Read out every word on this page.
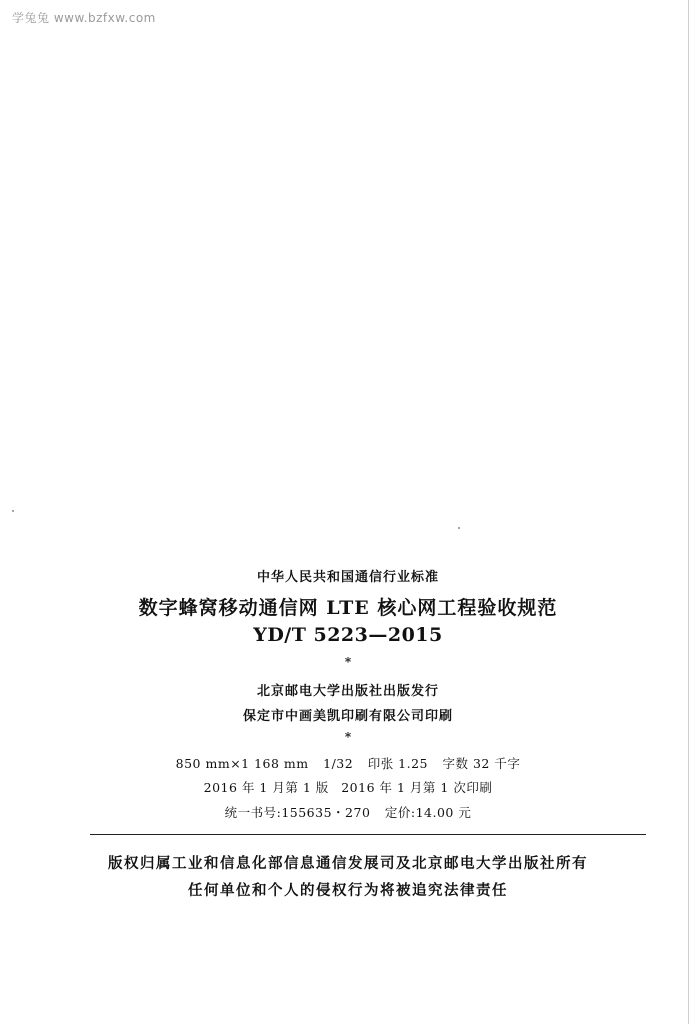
学兔兔 www.bzfxw.com
中华人民共和国通信行业标准
数字蜂窝移动通信网 LTE 核心网工程验收规范
YD/T 5223—2015
*
北京邮电大学出版社出版发行
保定市中画美凯印刷有限公司印刷
*
850 mm×1 168 mm 1/32 印张 1.25 字数 32 千字
2016 年 1 月第 1 版 2016 年 1 月第 1 次印刷
统一书号:155635・270 定价:14.00 元
版权归属工业和信息化部信息通信发展司及北京邮电大学出版社所有
任何单位和个人的侵权行为将被追究法律责任
